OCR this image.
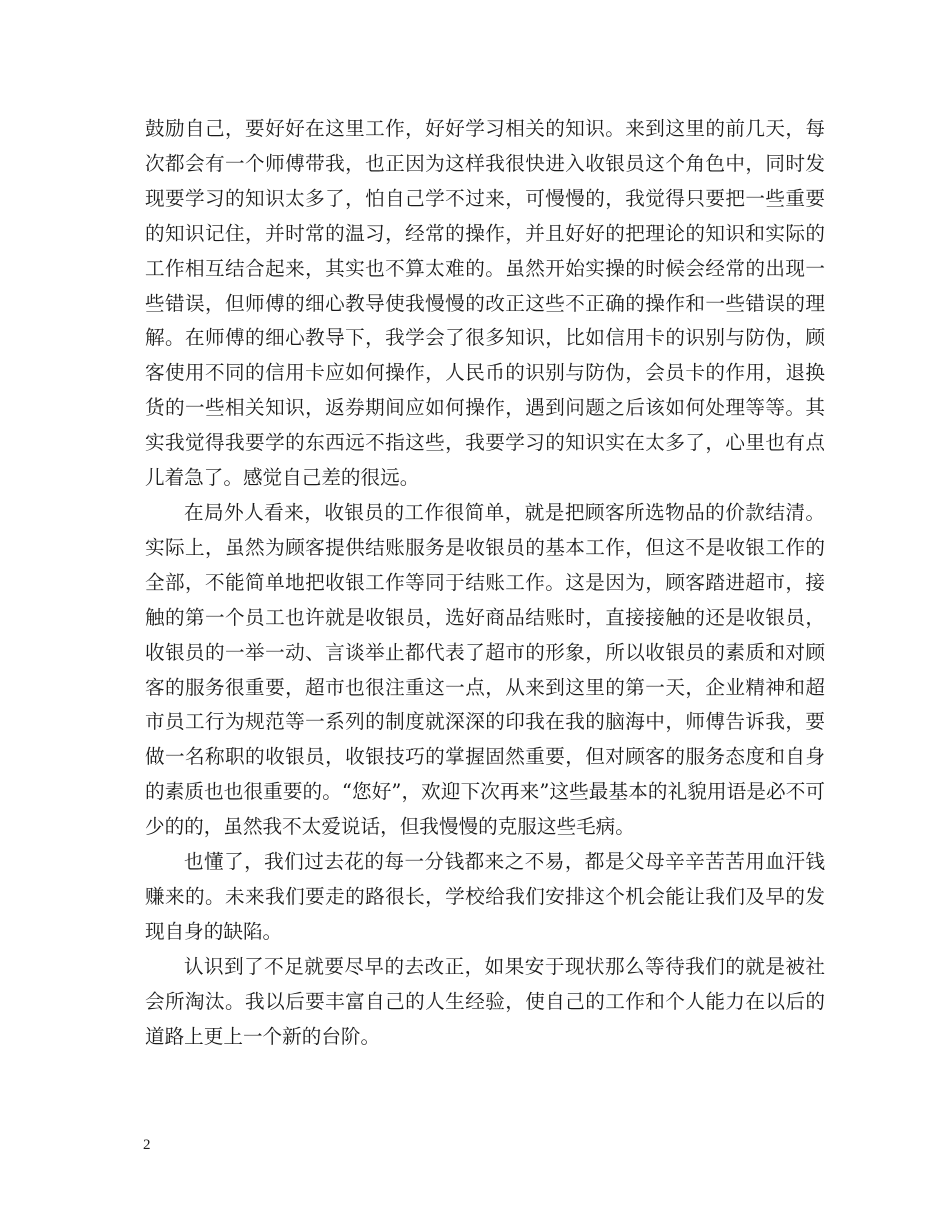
鼓励自己，要好好在这里工作，好好学习相关的知识。来到这里的前几天，每次都会有一个师傅带我，也正因为这样我很快进入收银员这个角色中，同时发现要学习的知识太多了，怕自己学不过来，可慢慢的，我觉得只要把一些重要的知识记住，并时常的温习，经常的操作，并且好好的把理论的知识和实际的工作相互结合起来，其实也不算太难的。虽然开始实操的时候会经常的出现一些错误，但师傅的细心教导使我慢慢的改正这些不正确的操作和一些错误的理解。在师傅的细心教导下，我学会了很多知识，比如信用卡的识别与防伪，顾客使用不同的信用卡应如何操作，人民币的识别与防伪，会员卡的作用，退换货的一些相关知识，返券期间应如何操作，遇到问题之后该如何处理等等。其实我觉得我要学的东西远不指这些，我要学习的知识实在太多了，心里也有点儿着急了。感觉自己差的很远。

在局外人看来，收银员的工作很简单，就是把顾客所选物品的价款结清。实际上，虽然为顾客提供结账服务是收银员的基本工作，但这不是收银工作的全部，不能简单地把收银工作等同于结账工作。这是因为，顾客踏进超市，接触的第一个员工也许就是收银员，选好商品结账时，直接接触的还是收银员，收银员的一举一动、言谈举止都代表了超市的形象，所以收银员的素质和对顾客的服务很重要，超市也很注重这一点，从来到这里的第一天，企业精神和超市员工行为规范等一系列的制度就深深的印我在我的脑海中，师傅告诉我，要做一名称职的收银员，收银技巧的掌握固然重要，但对顾客的服务态度和自身的素质也也很重要的。“您好”，欢迎下次再来”这些最基本的礼貌用语是必不可少的的，虽然我不太爱说话，但我慢慢的克服这些毛病。

也懂了，我们过去花的每一分钱都来之不易，都是父母辛辛苦苦用血汗钱赚来的。未来我们要走的路很长，学校给我们安排这个机会能让我们及早的发现自身的缺陷。

认识到了不足就要尽早的去改正，如果安于现状那么等待我们的就是被社会所淘汰。我以后要丰富自己的人生经验，使自己的工作和个人能力在以后的道路上更上一个新的台阶。

2
